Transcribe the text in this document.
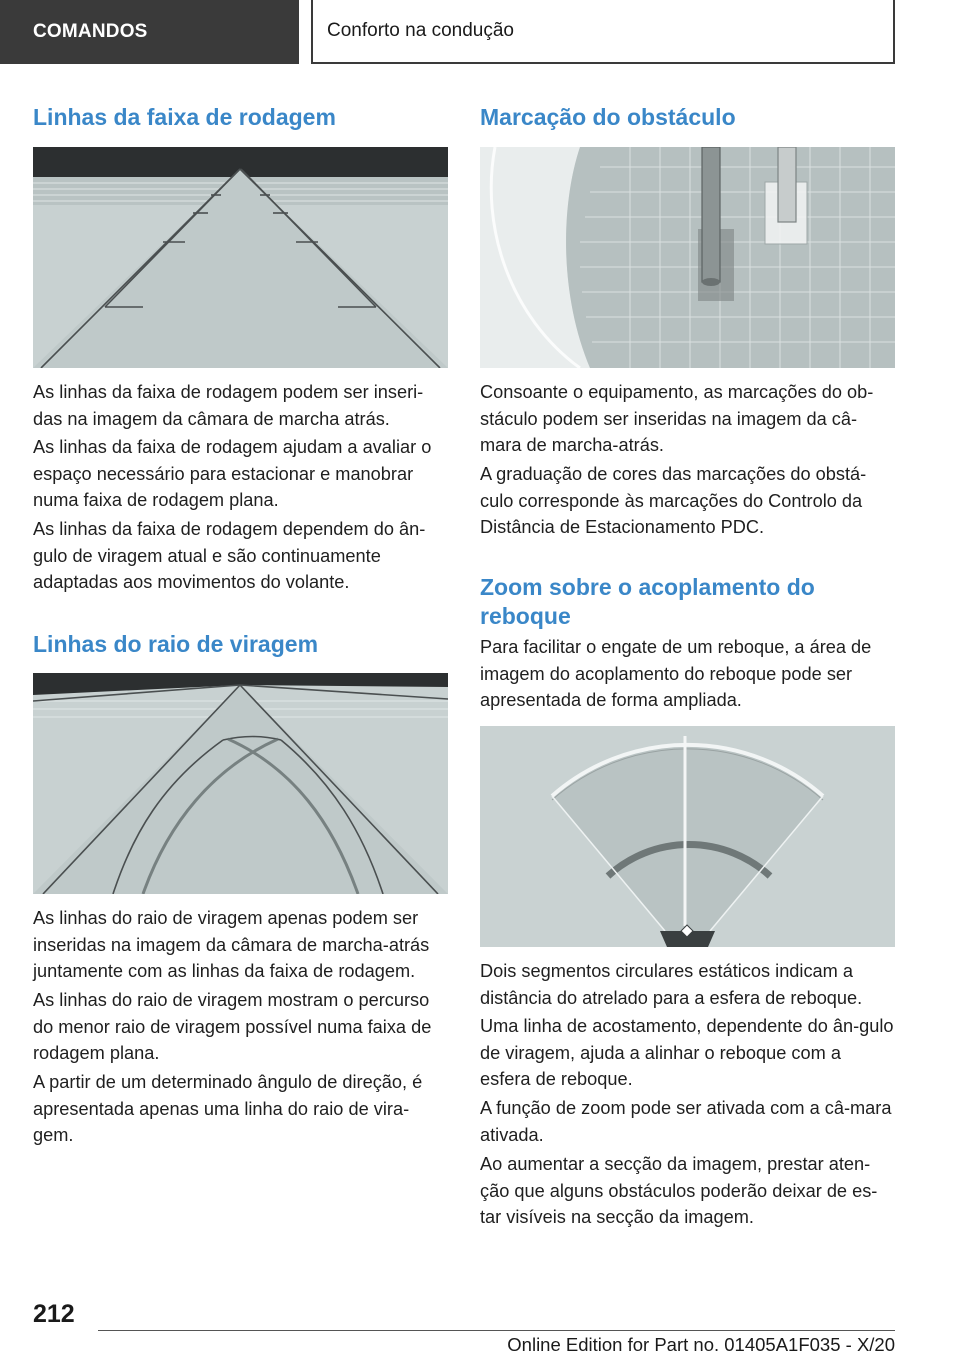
COMANDOS	Conforto na condução
Linhas da faixa de rodagem

As linhas da faixa de rodagem podem ser inseri-das na imagem da câmara de marcha atrás.

As linhas da faixa de rodagem ajudam a avaliar o espaço necessário para estacionar e manobrar numa faixa de rodagem plana.

As linhas da faixa de rodagem dependem do ân-gulo de viragem atual e são continuamente adaptadas aos movimentos do volante.

Linhas do raio de viragem

As linhas do raio de viragem apenas podem ser inseridas na imagem da câmara de marcha-atrás juntamente com as linhas da faixa de rodagem.

As linhas do raio de viragem mostram o percurso do menor raio de viragem possível numa faixa de rodagem plana.

A partir de um determinado ângulo de direção, é apresentada apenas uma linha do raio de vira-gem.

Marcação do obstáculo

Consoante o equipamento, as marcações do ob-stáculo podem ser inseridas na imagem da câ-mara de marcha-atrás.

A graduação de cores das marcações do obstá-culo corresponde às marcações do Controlo da Distância de Estacionamento PDC.

Zoom sobre o acoplamento do reboque

Para facilitar o engate de um reboque, a área de imagem do acoplamento do reboque pode ser apresentada de forma ampliada.

Dois segmentos circulares estáticos indicam a distância do atrelado para a esfera de reboque.

Uma linha de acostamento, dependente do ân-gulo de viragem, ajuda a alinhar o reboque com a esfera de reboque.

A função de zoom pode ser ativada com a câ-mara ativada.

Ao aumentar a secção da imagem, prestar aten-ção que alguns obstáculos poderão deixar de es-tar visíveis na secção da imagem.

212
Online Edition for Part no. 01405A1F035 - X/20
